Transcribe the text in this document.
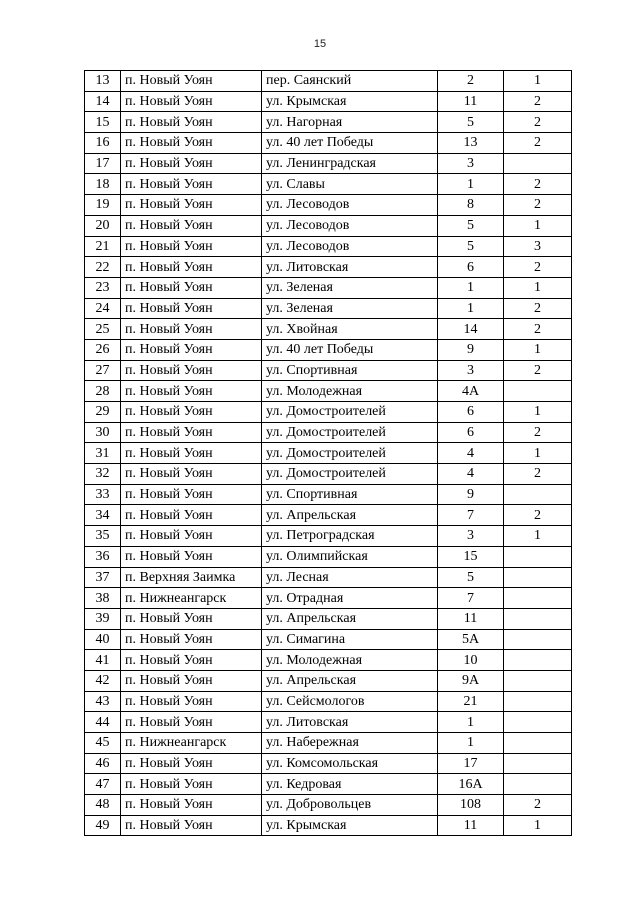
15
13	п. Новый Уоян	пер. Саянский	2	1
14	п. Новый Уоян	ул. Крымская	11	2
15	п. Новый Уоян	ул. Нагорная	5	2
16	п. Новый Уоян	ул. 40 лет Победы	13	2
17	п. Новый Уоян	ул. Ленинградская	3	
18	п. Новый Уоян	ул. Славы	1	2
19	п. Новый Уоян	ул. Лесоводов	8	2
20	п. Новый Уоян	ул. Лесоводов	5	1
21	п. Новый Уоян	ул. Лесоводов	5	3
22	п. Новый Уоян	ул. Литовская	6	2
23	п. Новый Уоян	ул. Зеленая	1	1
24	п. Новый Уоян	ул. Зеленая	1	2
25	п. Новый Уоян	ул. Хвойная	14	2
26	п. Новый Уоян	ул. 40 лет Победы	9	1
27	п. Новый Уоян	ул. Спортивная	3	2
28	п. Новый Уоян	ул. Молодежная	4А	
29	п. Новый Уоян	ул. Домостроителей	6	1
30	п. Новый Уоян	ул. Домостроителей	6	2
31	п. Новый Уоян	ул. Домостроителей	4	1
32	п. Новый Уоян	ул. Домостроителей	4	2
33	п. Новый Уоян	ул. Спортивная	9	
34	п. Новый Уоян	ул. Апрельская	7	2
35	п. Новый Уоян	ул. Петроградская	3	1
36	п. Новый Уоян	ул. Олимпийская	15	
37	п. Верхняя Заимка	ул. Лесная	5	
38	п. Нижнеангарск	ул. Отрадная	7	
39	п. Новый Уоян	ул. Апрельская	11	
40	п. Новый Уоян	ул. Симагина	5А	
41	п. Новый Уоян	ул. Молодежная	10	
42	п. Новый Уоян	ул. Апрельская	9А	
43	п. Новый Уоян	ул. Сейсмологов	21	
44	п. Новый Уоян	ул. Литовская	1	
45	п. Нижнеангарск	ул. Набережная	1	
46	п. Новый Уоян	ул. Комсомольская	17	
47	п. Новый Уоян	ул. Кедровая	16А	
48	п. Новый Уоян	ул. Добровольцев	108	2
49	п. Новый Уоян	ул. Крымская	11	1
